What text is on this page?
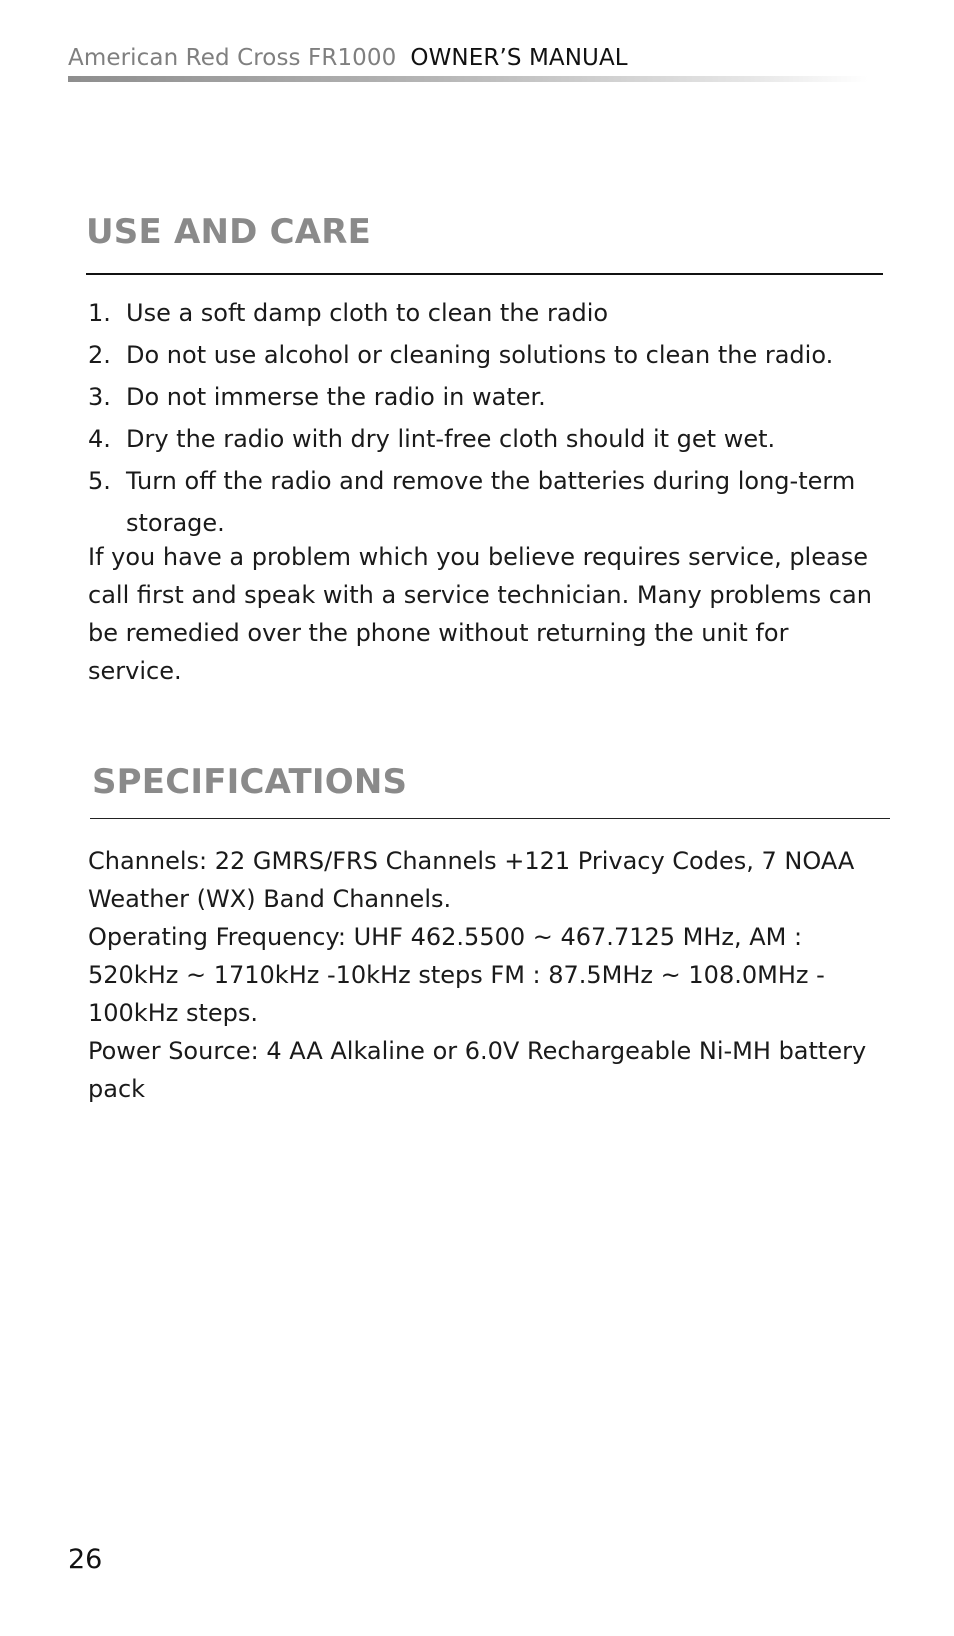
American Red Cross FR1000 OWNER’S MANUAL
USE AND CARE
1. Use a soft damp cloth to clean the radio
2. Do not use alcohol or cleaning solutions to clean the radio.
3. Do not immerse the radio in water.
4. Dry the radio with dry lint-free cloth should it get wet.
5. Turn off the radio and remove the batteries during long-term storage.

If you have a problem which you believe requires service, please call first and speak with a service technician. Many problems can be remedied over the phone without returning the unit for service.

SPECIFICATIONS

Channels: 22 GMRS/FRS Channels +121 Privacy Codes, 7 NOAA Weather (WX) Band Channels.

Operating Frequency: UHF 462.5500 ~ 467.7125 MHz, AM : 520kHz ~ 1710kHz -10kHz steps FM : 87.5MHz ~ 108.0MHz - 100kHz steps.

Power Source: 4 AA Alkaline or 6.0V Rechargeable Ni-MH battery pack

26
